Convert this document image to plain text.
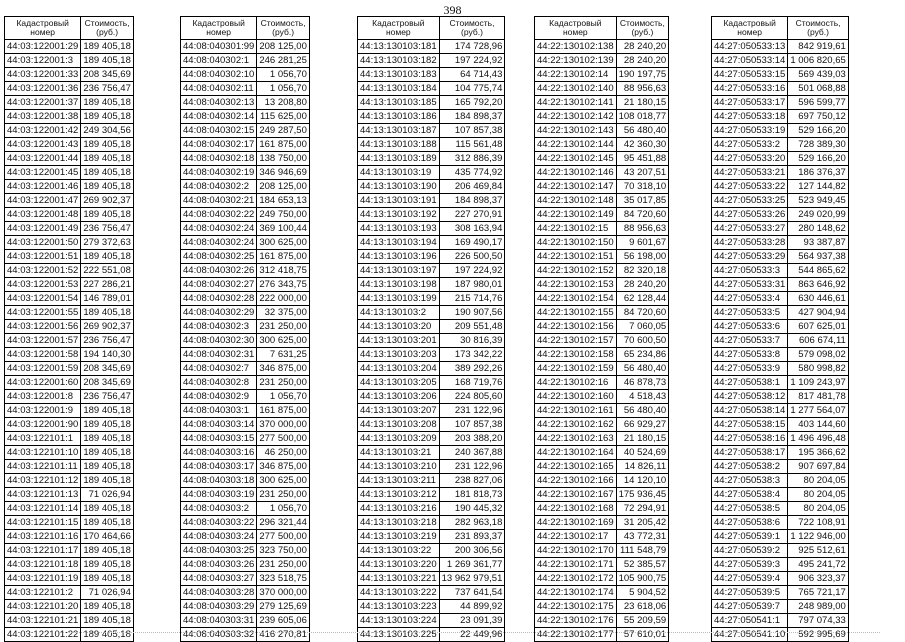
398
Кадастровый номер	Стоимость, (руб.)
44:03:122001:29	189 405,18
44:03:122001:3	189 405,18
44:03:122001:33	208 345,69
44:03:122001:36	236 756,47
44:03:122001:37	189 405,18
44:03:122001:38	189 405,18
44:03:122001:42	249 304,56
44:03:122001:43	189 405,18
44:03:122001:44	189 405,18
44:03:122001:45	189 405,18
44:03:122001:46	189 405,18
44:03:122001:47	269 902,37
44:03:122001:48	189 405,18
44:03:122001:49	236 756,47
44:03:122001:50	279 372,63
44:03:122001:51	189 405,18
44:03:122001:52	222 551,08
44:03:122001:53	227 286,21
44:03:122001:54	146 789,01
44:03:122001:55	189 405,18
44:03:122001:56	269 902,37
44:03:122001:57	236 756,47
44:03:122001:58	194 140,30
44:03:122001:59	208 345,69
44:03:122001:60	208 345,69
44:03:122001:8	236 756,47
44:03:122001:9	189 405,18
44:03:122001:90	189 405,18
44:03:122101:1	189 405,18
44:03:122101:10	189 405,18
44:03:122101:11	189 405,18
44:03:122101:12	189 405,18
44:03:122101:13	71 026,94
44:03:122101:14	189 405,18
44:03:122101:15	189 405,18
44:03:122101:16	170 464,66
44:03:122101:17	189 405,18
44:03:122101:18	189 405,18
44:03:122101:19	189 405,18
44:03:122101:2	71 026,94
44:03:122101:20	189 405,18
44:03:122101:21	189 405,18
44:03:122101:22	189 405,18
Кадастровый номер	Стоимость, (руб.)
44:08:040301:99	208 125,00
44:08:040302:1	246 281,25
44:08:040302:10	1 056,70
44:08:040302:11	1 056,70
44:08:040302:13	13 208,80
44:08:040302:14	115 625,00
44:08:040302:15	249 287,50
44:08:040302:17	161 875,00
44:08:040302:18	138 750,00
44:08:040302:19	346 946,69
44:08:040302:2	208 125,00
44:08:040302:21	184 653,13
44:08:040302:22	249 750,00
44:08:040302:24	369 100,44
44:08:040302:24	300 625,00
44:08:040302:25	161 875,00
44:08:040302:26	312 418,75
44:08:040302:27	276 343,75
44:08:040302:28	222 000,00
44:08:040302:29	32 375,00
44:08:040302:3	231 250,00
44:08:040302:30	300 625,00
44:08:040302:31	7 631,25
44:08:040302:7	346 875,00
44:08:040302:8	231 250,00
44:08:040302:9	1 056,70
44:08:040303:1	161 875,00
44:08:040303:14	370 000,00
44:08:040303:15	277 500,00
44:08:040303:16	46 250,00
44:08:040303:17	346 875,00
44:08:040303:18	300 625,00
44:08:040303:19	231 250,00
44:08:040303:2	1 056,70
44:08:040303:22	296 321,44
44:08:040303:24	277 500,00
44:08:040303:25	323 750,00
44:08:040303:26	231 250,00
44:08:040303:27	323 518,75
44:08:040303:28	370 000,00
44:08:040303:29	279 125,69
44:08:040303:31	239 605,06
44:08:040303:32	416 270,81
Кадастровый номер	Стоимость, (руб.)
44:13:130103:181	174 728,96
44:13:130103:182	197 224,92
44:13:130103:183	64 714,43
44:13:130103:184	104 775,74
44:13:130103:185	165 792,20
44:13:130103:186	184 898,37
44:13:130103:187	107 857,38
44:13:130103:188	115 561,48
44:13:130103:189	312 886,39
44:13:130103:19	435 774,92
44:13:130103:190	206 469,84
44:13:130103:191	184 898,37
44:13:130103:192	227 270,91
44:13:130103:193	308 163,94
44:13:130103:194	169 490,17
44:13:130103:196	226 500,50
44:13:130103:197	197 224,92
44:13:130103:198	187 980,01
44:13:130103:199	215 714,76
44:13:130103:2	190 907,56
44:13:130103:20	209 551,48
44:13:130103:201	30 816,39
44:13:130103:203	173 342,22
44:13:130103:204	389 292,26
44:13:130103:205	168 719,76
44:13:130103:206	224 805,60
44:13:130103:207	231 122,96
44:13:130103:208	107 857,38
44:13:130103:209	203 388,20
44:13:130103:21	240 367,88
44:13:130103:210	231 122,96
44:13:130103:211	238 827,06
44:13:130103:212	181 818,73
44:13:130103:216	190 445,32
44:13:130103:218	282 963,18
44:13:130103:219	231 893,37
44:13:130103:22	200 306,56
44:13:130103:220	1 269 361,77
44:13:130103:221	13 962 979,51
44:13:130103:222	737 641,54
44:13:130103:223	44 899,92
44:13:130103:224	23 091,39
44:13:130103:225	22 449,96
Кадастровый номер	Стоимость, (руб.)
44:22:130102:138	28 240,20
44:22:130102:139	28 240,20
44:22:130102:14	190 197,75
44:22:130102:140	88 956,63
44:22:130102:141	21 180,15
44:22:130102:142	108 018,77
44:22:130102:143	56 480,40
44:22:130102:144	42 360,30
44:22:130102:145	95 451,88
44:22:130102:146	43 207,51
44:22:130102:147	70 318,10
44:22:130102:148	35 017,85
44:22:130102:149	84 720,60
44:22:130102:15	88 956,63
44:22:130102:150	9 601,67
44:22:130102:151	56 198,00
44:22:130102:152	82 320,18
44:22:130102:153	28 240,20
44:22:130102:154	62 128,44
44:22:130102:155	84 720,60
44:22:130102:156	7 060,05
44:22:130102:157	70 600,50
44:22:130102:158	65 234,86
44:22:130102:159	56 480,40
44:22:130102:16	46 878,73
44:22:130102:160	4 518,43
44:22:130102:161	56 480,40
44:22:130102:162	66 929,27
44:22:130102:163	21 180,15
44:22:130102:164	40 524,69
44:22:130102:165	14 826,11
44:22:130102:166	14 120,10
44:22:130102:167	175 936,45
44:22:130102:168	72 294,91
44:22:130102:169	31 205,42
44:22:130102:17	43 772,31
44:22:130102:170	111 548,79
44:22:130102:171	52 385,57
44:22:130102:172	105 900,75
44:22:130102:174	5 904,52
44:22:130102:175	23 618,06
44:22:130102:176	55 209,59
44:22:130102:177	57 610,01
Кадастровый номер	Стоимость, (руб.)
44:27:050533:13	842 919,61
44:27:050533:14	1 006 820,65
44:27:050533:15	569 439,03
44:27:050533:16	501 068,88
44:27:050533:17	596 599,77
44:27:050533:18	697 750,12
44:27:050533:19	529 166,20
44:27:050533:2	728 389,30
44:27:050533:20	529 166,20
44:27:050533:21	186 376,37
44:27:050533:22	127 144,82
44:27:050533:25	523 949,45
44:27:050533:26	249 020,99
44:27:050533:27	280 148,62
44:27:050533:28	93 387,87
44:27:050533:29	564 937,38
44:27:050533:3	544 865,62
44:27:050533:31	863 646,92
44:27:050533:4	630 446,61
44:27:050533:5	427 904,94
44:27:050533:6	607 625,01
44:27:050533:7	606 674,11
44:27:050533:8	579 098,02
44:27:050533:9	580 998,82
44:27:050538:1	1 109 243,97
44:27:050538:12	817 481,78
44:27:050538:14	1 277 564,07
44:27:050538:15	403 144,60
44:27:050538:16	1 496 496,48
44:27:050538:17	195 366,62
44:27:050538:2	907 697,84
44:27:050538:3	80 204,05
44:27:050538:4	80 204,05
44:27:050538:5	80 204,05
44:27:050538:6	722 108,91
44:27:050539:1	1 122 946,00
44:27:050539:2	925 512,61
44:27:050539:3	495 241,72
44:27:050539:4	906 323,37
44:27:050539:5	765 721,17
44:27:050539:7	248 989,00
44:27:050541:1	797 074,33
44:27:050541:10	592 995,69
